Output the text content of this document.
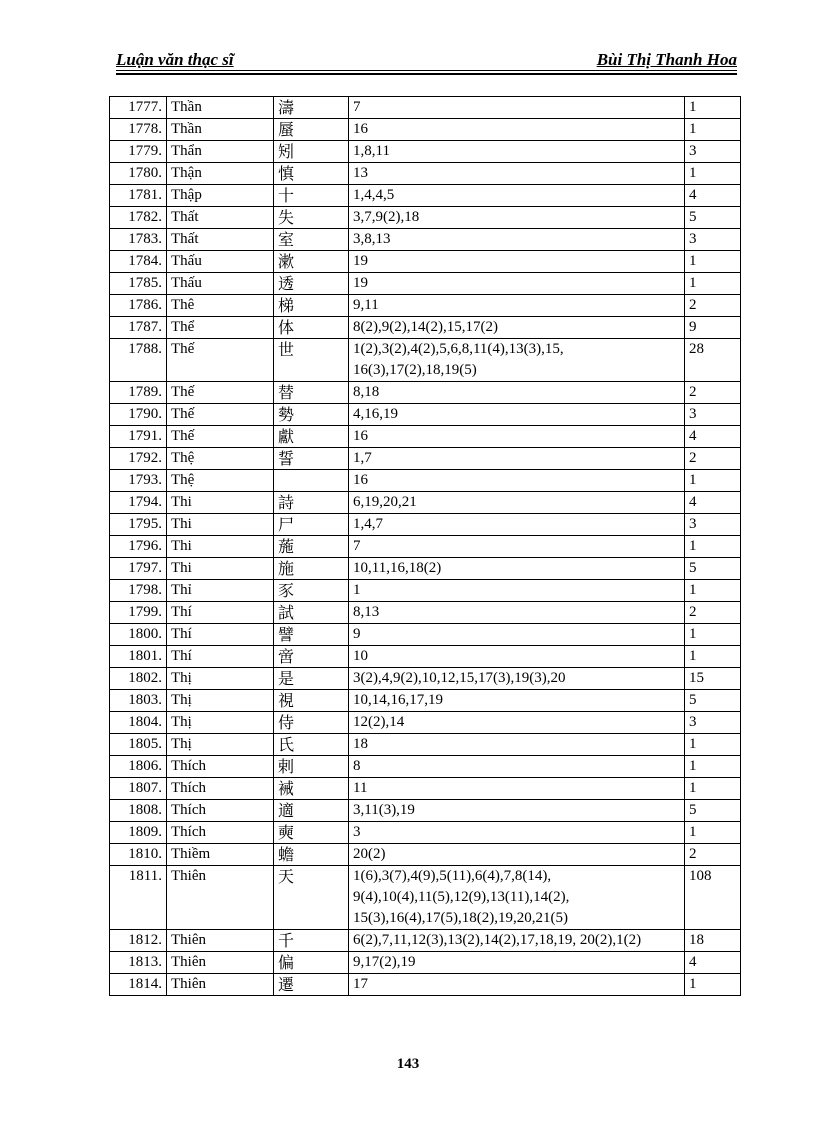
Luận văn thạc sĩ	Bùi Thị Thanh Hoa
1777.	Thần	濤	7	1
1778.	Thần	蜃	16	1
1779.	Thẩn	矧	1,8,11	3
1780.	Thận	慎	13	1
1781.	Thập	十	1,4,4,5	4
1782.	Thất	失	3,7,9(2),18	5
1783.	Thất	室	3,8,13	3
1784.	Thấu	漱	19	1
1785.	Thấu	透	19	1
1786.	Thê	梯	9,11	2
1787.	Thể	体	8(2),9(2),14(2),15,17(2)	9
1788.	Thế	世	1(2),3(2),4(2),5,6,8,11(4),13(3),15, 16(3),17(2),18,19(5)	28
1789.	Thế	替	8,18	2
1790.	Thế	勢	4,16,19	3
1791.	Thế	獻	16	4
1792.	Thệ	誓	1,7	2
1793.	Thệ		16	1
1794.	Thi	詩	6,19,20,21	4
1795.	Thi	尸	1,4,7	3
1796.	Thi	葹	7	1
1797.	Thi	施	10,11,16,18(2)	5
1798.	Thỉ	豕	1	1
1799.	Thí	試	8,13	2
1800.	Thí	譬	9	1
1801.	Thí	啻	10	1
1802.	Thị	是	3(2),4,9(2),10,12,15,17(3),19(3),20	15
1803.	Thị	視	10,14,16,17,19	5
1804.	Thị	侍	12(2),14	3
1805.	Thị	氏	18	1
1806.	Thích	剌	8	1
1807.	Thích	裓	11	1
1808.	Thích	適	3,11(3),19	5
1809.	Thích	奭	3	1
1810.	Thiềm	蟾	20(2)	2
1811.	Thiên	天	1(6),3(7),4(9),5(11),6(4),7,8(14), 9(4),10(4),11(5),12(9),13(11),14(2), 15(3),16(4),17(5),18(2),19,20,21(5)	108
1812.	Thiên	千	6(2),7,11,12(3),13(2),14(2),17,18,19, 20(2),1(2)	18
1813.	Thiên	偏	9,17(2),19	4
1814.	Thiên	遷	17	1
143
